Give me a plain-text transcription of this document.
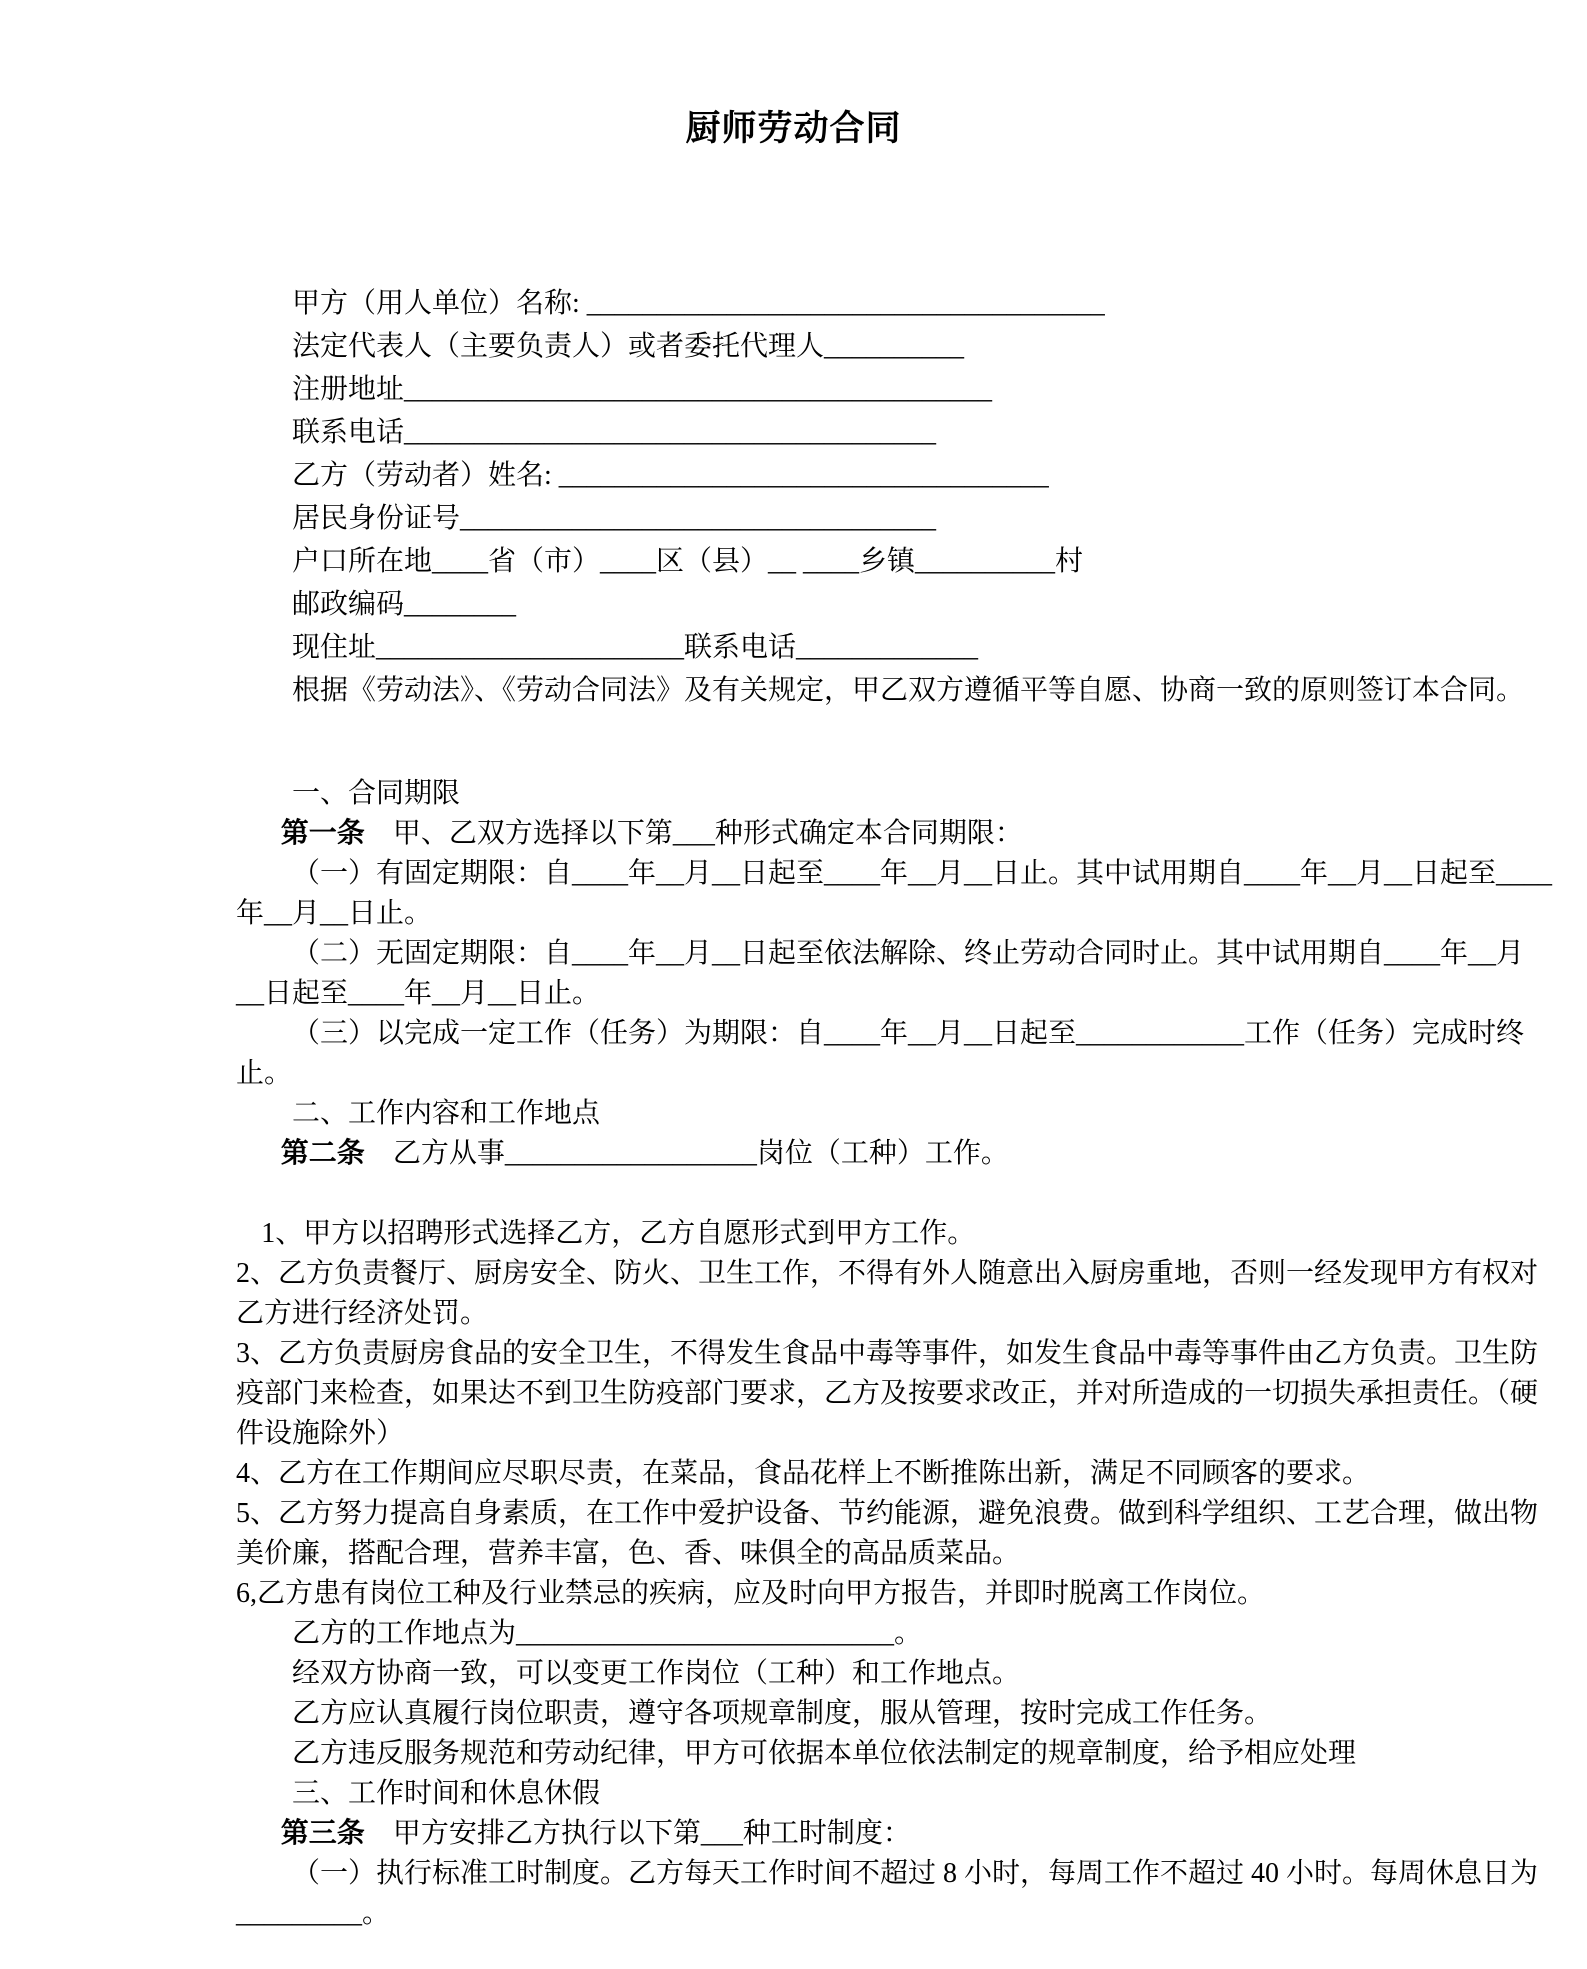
厨师劳动合同
甲方（用人单位）名称: _____________________________________
法定代表人（主要负责人）或者委托代理人__________
注册地址__________________________________________
联系电话______________________________________
乙方（劳动者）姓名: ___________________________________
居民身份证号__________________________________
户口所在地____省（市）____区（县）__ ____乡镇__________村
邮政编码________
现住址______________________联系电话_____________
根据《劳动法》、《劳动合同法》及有关规定，甲乙双方遵循平等自愿、协商一致的原则签订本合同。
一、合同期限
第一条　甲、乙双方选择以下第___种形式确定本合同期限：
（一）有固定期限：自____年__月__日起至____年__月__日止。其中试用期自____年__月__日起至____
年__月__日止。
（二）无固定期限：自____年__月__日起至依法解除、终止劳动合同时止。其中试用期自____年__月
__日起至____年__月__日止。
（三）以完成一定工作（任务）为期限：自____年__月__日起至____________工作（任务）完成时终
止。
二、工作内容和工作地点
第二条　乙方从事__________________岗位（工种）工作。
1、甲方以招聘形式选择乙方，乙方自愿形式到甲方工作。
2、乙方负责餐厅、厨房安全、防火、卫生工作，不得有外人随意出入厨房重地，否则一经发现甲方有权对
乙方进行经济处罚。
3、乙方负责厨房食品的安全卫生，不得发生食品中毒等事件，如发生食品中毒等事件由乙方负责。卫生防
疫部门来检查，如果达不到卫生防疫部门要求，乙方及按要求改正，并对所造成的一切损失承担责任。（硬
件设施除外）
4、乙方在工作期间应尽职尽责，在菜品，食品花样上不断推陈出新，满足不同顾客的要求。
5、乙方努力提高自身素质，在工作中爱护设备、节约能源，避免浪费。做到科学组织、工艺合理，做出物
美价廉，搭配合理，营养丰富，色、香、味俱全的高品质菜品。
6,乙方患有岗位工种及行业禁忌的疾病，应及时向甲方报告，并即时脱离工作岗位。
乙方的工作地点为___________________________。
经双方协商一致，可以变更工作岗位（工种）和工作地点。
乙方应认真履行岗位职责，遵守各项规章制度，服从管理，按时完成工作任务。
乙方违反服务规范和劳动纪律，甲方可依据本单位依法制定的规章制度，给予相应处理
三、工作时间和休息休假
第三条　甲方安排乙方执行以下第___种工时制度：
（一）执行标准工时制度。乙方每天工作时间不超过 8 小时，每周工作不超过 40 小时。每周休息日为
_________。
